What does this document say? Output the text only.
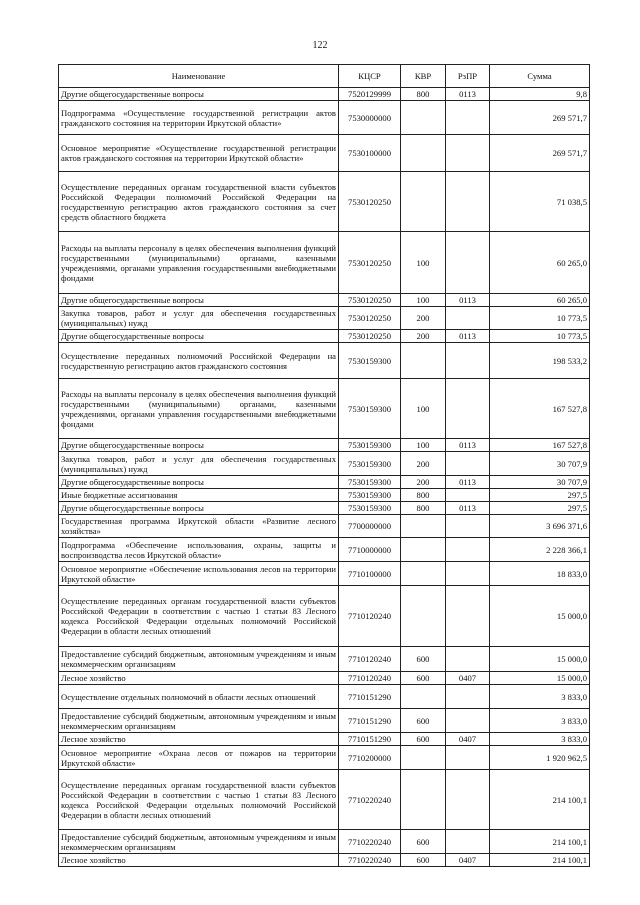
122
Наименование	КЦСР	КВР	РзПР	Сумма
Другие общегосударственные вопросы	7520129999	800	0113	9,8
Подпрограмма «Осуществление государственной регистрации актов гражданского состояния на территории Иркутской области»	7530000000			269 571,7
Основное мероприятие «Осуществление государственной регистрации актов гражданского состояния на территории Иркутской области»	7530100000			269 571,7
Осуществление переданных органам государственной власти субъектов Российской Федерации полномочий Российской Федерации на государственную регистрацию актов гражданского состояния за счет средств областного бюджета	7530120250			71 038,5
Расходы на выплаты персоналу в целях обеспечения выполнения функций государственными (муниципальными) органами, казенными учреждениями, органами управления государственными внебюджетными фондами	7530120250	100		60 265,0
Другие общегосударственные вопросы	7530120250	100	0113	60 265,0
Закупка товаров, работ и услуг для обеспечения государственных (муниципальных) нужд	7530120250	200		10 773,5
Другие общегосударственные вопросы	7530120250	200	0113	10 773,5
Осуществление переданных полномочий Российской Федерации на государственную регистрацию актов гражданского состояния	7530159300			198 533,2
Расходы на выплаты персоналу в целях обеспечения выполнения функций государственными (муниципальными) органами, казенными учреждениями, органами управления государственными внебюджетными фондами	7530159300	100		167 527,8
Другие общегосударственные вопросы	7530159300	100	0113	167 527,8
Закупка товаров, работ и услуг для обеспечения государственных (муниципальных) нужд	7530159300	200		30 707,9
Другие общегосударственные вопросы	7530159300	200	0113	30 707,9
Иные бюджетные ассигнования	7530159300	800		297,5
Другие общегосударственные вопросы	7530159300	800	0113	297,5
Государственная программа Иркутской области «Развитие лесного хозяйства»	7700000000			3 696 371,6
Подпрограмма «Обеспечение использования, охраны, защиты и воспроизводства лесов Иркутской области»	7710000000			2 228 366,1
Основное мероприятие «Обеспечение использования лесов на территории Иркутской области»	7710100000			18 833,0
Осуществление переданных органам государственной власти субъектов Российской Федерации в соответствии с частью 1 статьи 83 Лесного кодекса Российской Федерации отдельных полномочий Российской Федерации в области лесных отношений	7710120240			15 000,0
Предоставление субсидий бюджетным, автономным учреждениям и иным некоммерческим организациям	7710120240	600		15 000,0
Лесное хозяйство	7710120240	600	0407	15 000,0
Осуществление отдельных полномочий в области лесных отношений	7710151290			3 833,0
Предоставление субсидий бюджетным, автономным учреждениям и иным некоммерческим организациям	7710151290	600		3 833,0
Лесное хозяйство	7710151290	600	0407	3 833,0
Основное мероприятие «Охрана лесов от пожаров на территории Иркутской области»	7710200000			1 920 962,5
Осуществление переданных органам государственной власти субъектов Российской Федерации в соответствии с частью 1 статьи 83 Лесного кодекса Российской Федерации отдельных полномочий Российской Федерации в области лесных отношений	7710220240			214 100,1
Предоставление субсидий бюджетным, автономным учреждениям и иным некоммерческим организациям	7710220240	600		214 100,1
Лесное хозяйство	7710220240	600	0407	214 100,1
